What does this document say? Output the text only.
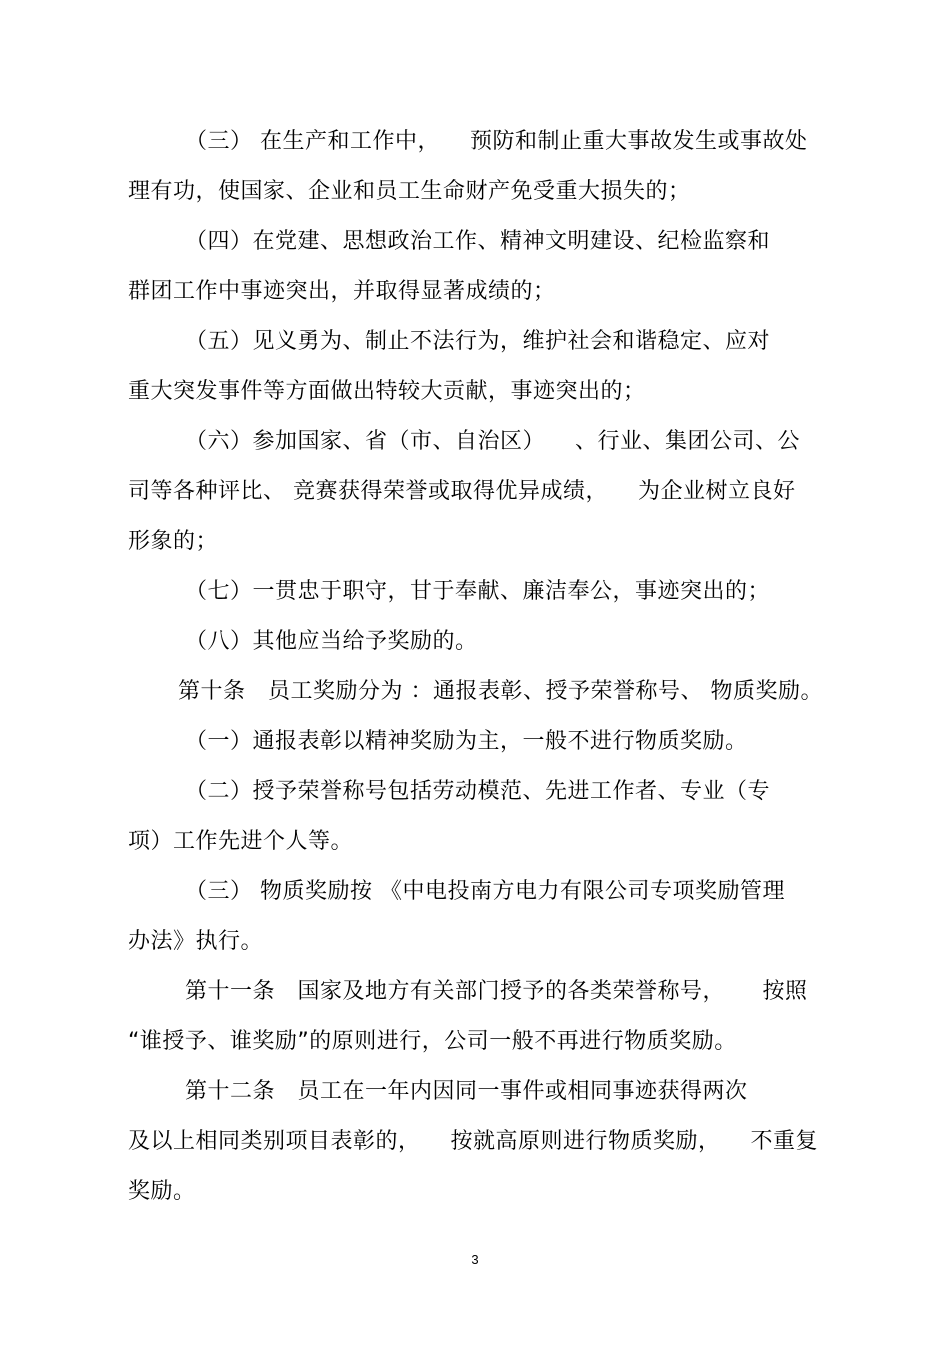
（三） 在生产和工作中，    预防和制止重大事故发生或事故处
理有功，使国家、企业和员工生命财产免受重大损失的；
（四）在党建、思想政治工作、精神文明建设、纪检监察和
群团工作中事迹突出，并取得显著成绩的；
（五）见义勇为、制止不法行为，维护社会和谐稳定、应对
重大突发事件等方面做出特较大贡献，事迹突出的；
（六）参加国家、省（市、自治区）    、行业、集团公司、公
司等各种评比、 竞赛获得荣誉或取得优异成绩，    为企业树立良好
形象的；
（七）一贯忠于职守，甘于奉献、廉洁奉公，事迹突出的；
（八）其他应当给予奖励的。
第十条   员工奖励分为 ：通报表彰、授予荣誉称号、 物质奖励。
（一）通报表彰以精神奖励为主，一般不进行物质奖励。
（二）授予荣誉称号包括劳动模范、先进工作者、专业（专
项）工作先进个人等。
（三） 物质奖励按 《中电投南方电力有限公司专项奖励管理
办法》执行。
第十一条   国家及地方有关部门授予的各类荣誉称号，     按照
“谁授予、谁奖励”的原则进行，公司一般不再进行物质奖励。
第十二条   员工在一年内因同一事件或相同事迹获得两次
及以上相同类别项目表彰的，    按就高原则进行物质奖励，    不重复
奖励。
3
